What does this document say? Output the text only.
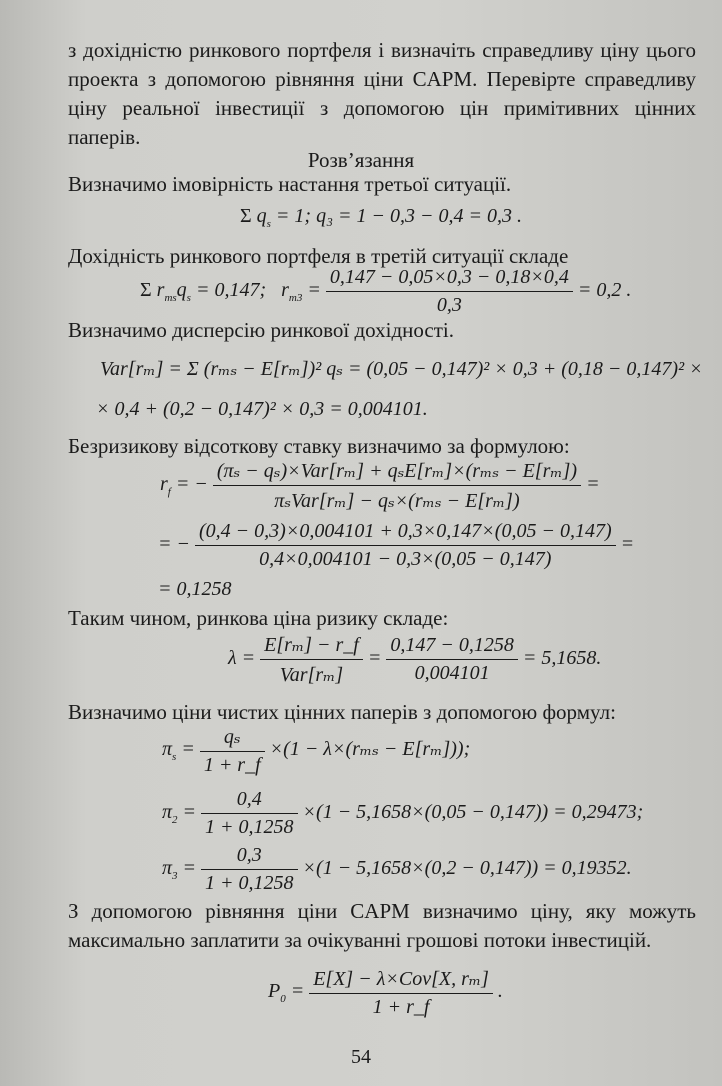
з дохідністю ринкового портфеля і визначіть справедливу ціну цього проекта з допомогою рівняння ціни CAPM. Перевірте справедливу ціну реальної інвестиції з допомогою цін примітивних цінних паперів.
Розв’язання
Визначимо імовірність настання третьої ситуації.
Σ $q_s = 1$; q₃ = 1 − 0,3 − 0,4 = 0,3 .
Дохідність ринкового портфеля в третій ситуації складе
Σ $r_{ms}q_s = 0,147$;   $r_{m3} = \frac{0,147 - 0,05\times 0,3 - 0,18\times 0,4}{0,3} = 0,2$ .
Визначимо дисперсію ринкової дохідності.
Var[rₘ] = Σ (rₘₛ − E[rₘ])² qₛ = (0,05 − 0,147)² × 0,3 + (0,18 − 0,147)² ×
× 0,4 + (0,2 − 0,147)² × 0,3 = 0,004101.
Безризикову відсоткову ставку визначимо за формулою:
$r_f$ = − $\frac{\text{(πₛ − qₛ)×Var[rₘ] + qₛE[rₘ]×(rₘₛ − E[rₘ])}}{\text{πₛVar[rₘ] − qₛ×(rₘₛ − E[rₘ])}}$ =
= − $\frac{(0,4 - 0,3)\times 0,004101 + 0,3\times 0,147\times(0,05 - 0,147)}{0,4\times 0,004101 - 0,3\times(0,05 - 0,147)}$ =
= 0,1258
Таким чином, ринкова ціна ризику складе:
$\lambda = \frac{\text{E[rₘ] − r\_f}}{\text{Var[rₘ]}} = \frac{0,147 - 0,1258}{0,004101} = 5,1658$.
Визначимо ціни чистих цінних паперів з допомогою формул:
$\pi_s = \frac{\text{qₛ}}{1 + r\_f} \times(1 - \lambda\times(r_{ms} - E[r_m]))$;
$\pi_2 = \frac{0,4}{1 + 0,1258} \times(1 - 5,1658\times(0,05 - 0,147)) = 0,29473$;
$\pi_3 = \frac{0,3}{1 + 0,1258} \times(1 - 5,1658\times(0,2 - 0,147)) = 0,19352$.
З допомогою рівняння ціни CAPM визначимо ціну, яку можуть максимально заплатити за очікуванні грошові потоки інвестицій.
$P_0 = \frac{\text{E[X] − λ×Cov[X, rₘ]}}{1 + r\_f}$ .
54
